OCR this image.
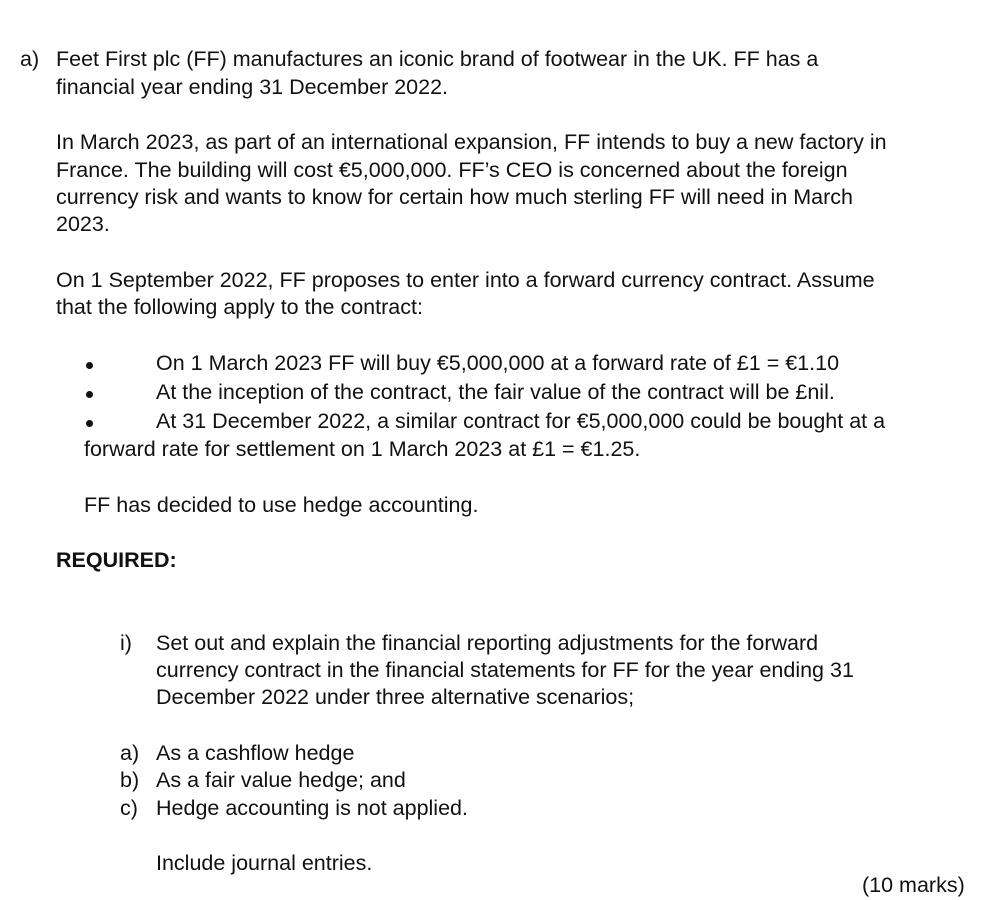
a) Feet First plc (FF) manufactures an iconic brand of footwear in the UK. FF has a
financial year ending 31 December 2022.
In March 2023, as part of an international expansion, FF intends to buy a new factory in
France. The building will cost €5,000,000. FF’s CEO is concerned about the foreign
currency risk and wants to know for certain how much sterling FF will need in March
2023.
On 1 September 2022, FF proposes to enter into a forward currency contract. Assume
that the following apply to the contract:
On 1 March 2023 FF will buy €5,000,000 at a forward rate of £1 = €1.10
At the inception of the contract, the fair value of the contract will be £nil.
At 31 December 2022, a similar contract for €5,000,000 could be bought at a
forward rate for settlement on 1 March 2023 at £1 = €1.25.
FF has decided to use hedge accounting.
REQUIRED:
i) Set out and explain the financial reporting adjustments for the forward
currency contract in the financial statements for FF for the year ending 31
December 2022 under three alternative scenarios;
a) As a cashflow hedge
b) As a fair value hedge; and
c) Hedge accounting is not applied.
Include journal entries.
(10 marks)
